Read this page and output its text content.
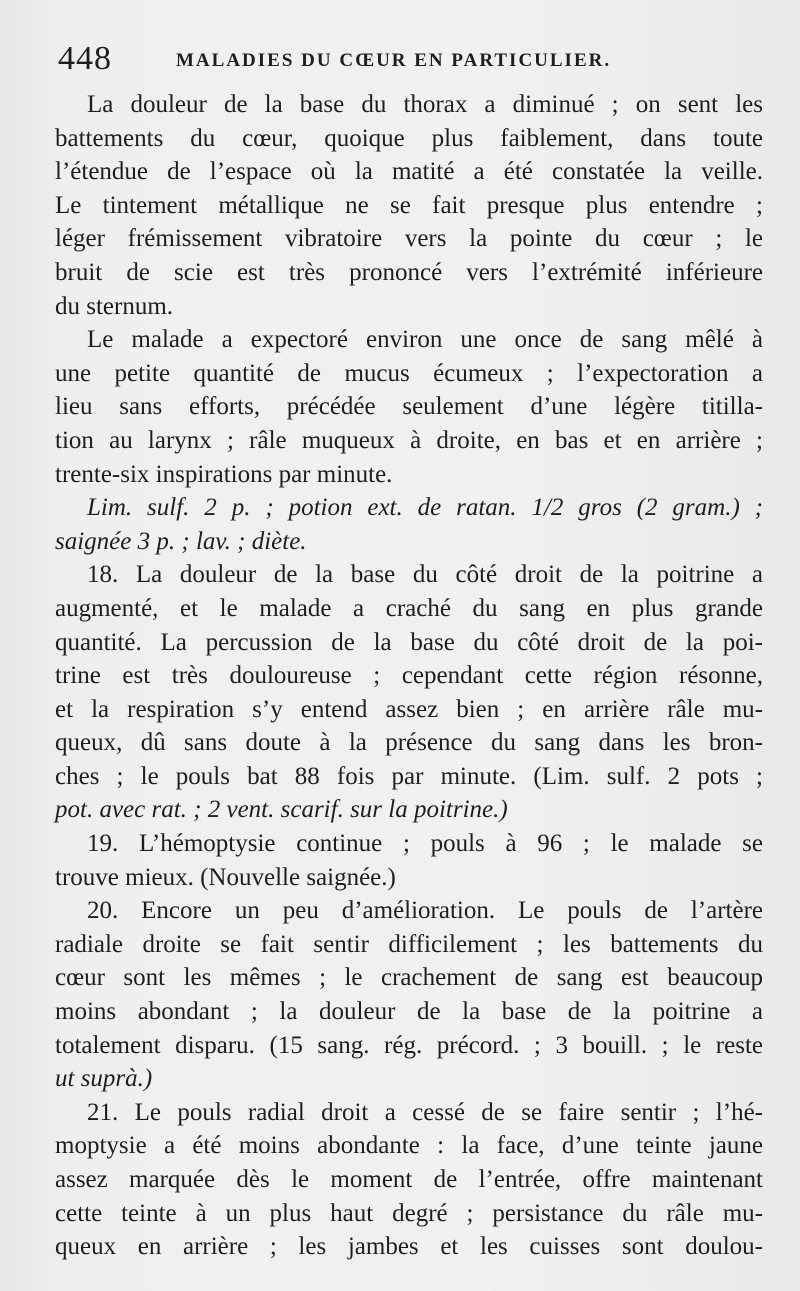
448	MALADIES DU CŒUR EN PARTICULIER.
La douleur de la base du thorax a diminué ; on sent les
battements du cœur, quoique plus faiblement, dans toute
l’étendue de l’espace où la matité a été constatée la veille.
Le tintement métallique ne se fait presque plus entendre ;
léger frémissement vibratoire vers la pointe du cœur ; le
bruit de scie est très prononcé vers l’extrémité inférieure
du sternum.
Le malade a expectoré environ une once de sang mêlé à
une petite quantité de mucus écumeux ; l’expectoration a
lieu sans efforts, précédée seulement d’une légère titilla-
tion au larynx ; râle muqueux à droite, en bas et en arrière ;
trente-six inspirations par minute.
Lim. sulf. 2 p. ; potion ext. de ratan. 1/2 gros (2 gram.) ;
saignée 3 p. ; lav. ; diète.
18. La douleur de la base du côté droit de la poitrine a
augmenté, et le malade a craché du sang en plus grande
quantité. La percussion de la base du côté droit de la poi-
trine est très douloureuse ; cependant cette région résonne,
et la respiration s’y entend assez bien ; en arrière râle mu-
queux, dû sans doute à la présence du sang dans les bron-
ches ; le pouls bat 88 fois par minute. (Lim. sulf. 2 pots ;
pot. avec rat. ; 2 vent. scarif. sur la poitrine.)
19. L’hémoptysie continue ; pouls à 96 ; le malade se
trouve mieux. (Nouvelle saignée.)
20. Encore un peu d’amélioration. Le pouls de l’artère
radiale droite se fait sentir difficilement ; les battements du
cœur sont les mêmes ; le crachement de sang est beaucoup
moins abondant ; la douleur de la base de la poitrine a
totalement disparu. (15 sang. rég. précord. ; 3 bouill. ; le reste
ut suprà.)
21. Le pouls radial droit a cessé de se faire sentir ; l’hé-
moptysie a été moins abondante : la face, d’une teinte jaune
assez marquée dès le moment de l’entrée, offre maintenant
cette teinte à un plus haut degré ; persistance du râle mu-
queux en arrière ; les jambes et les cuisses sont doulou-
